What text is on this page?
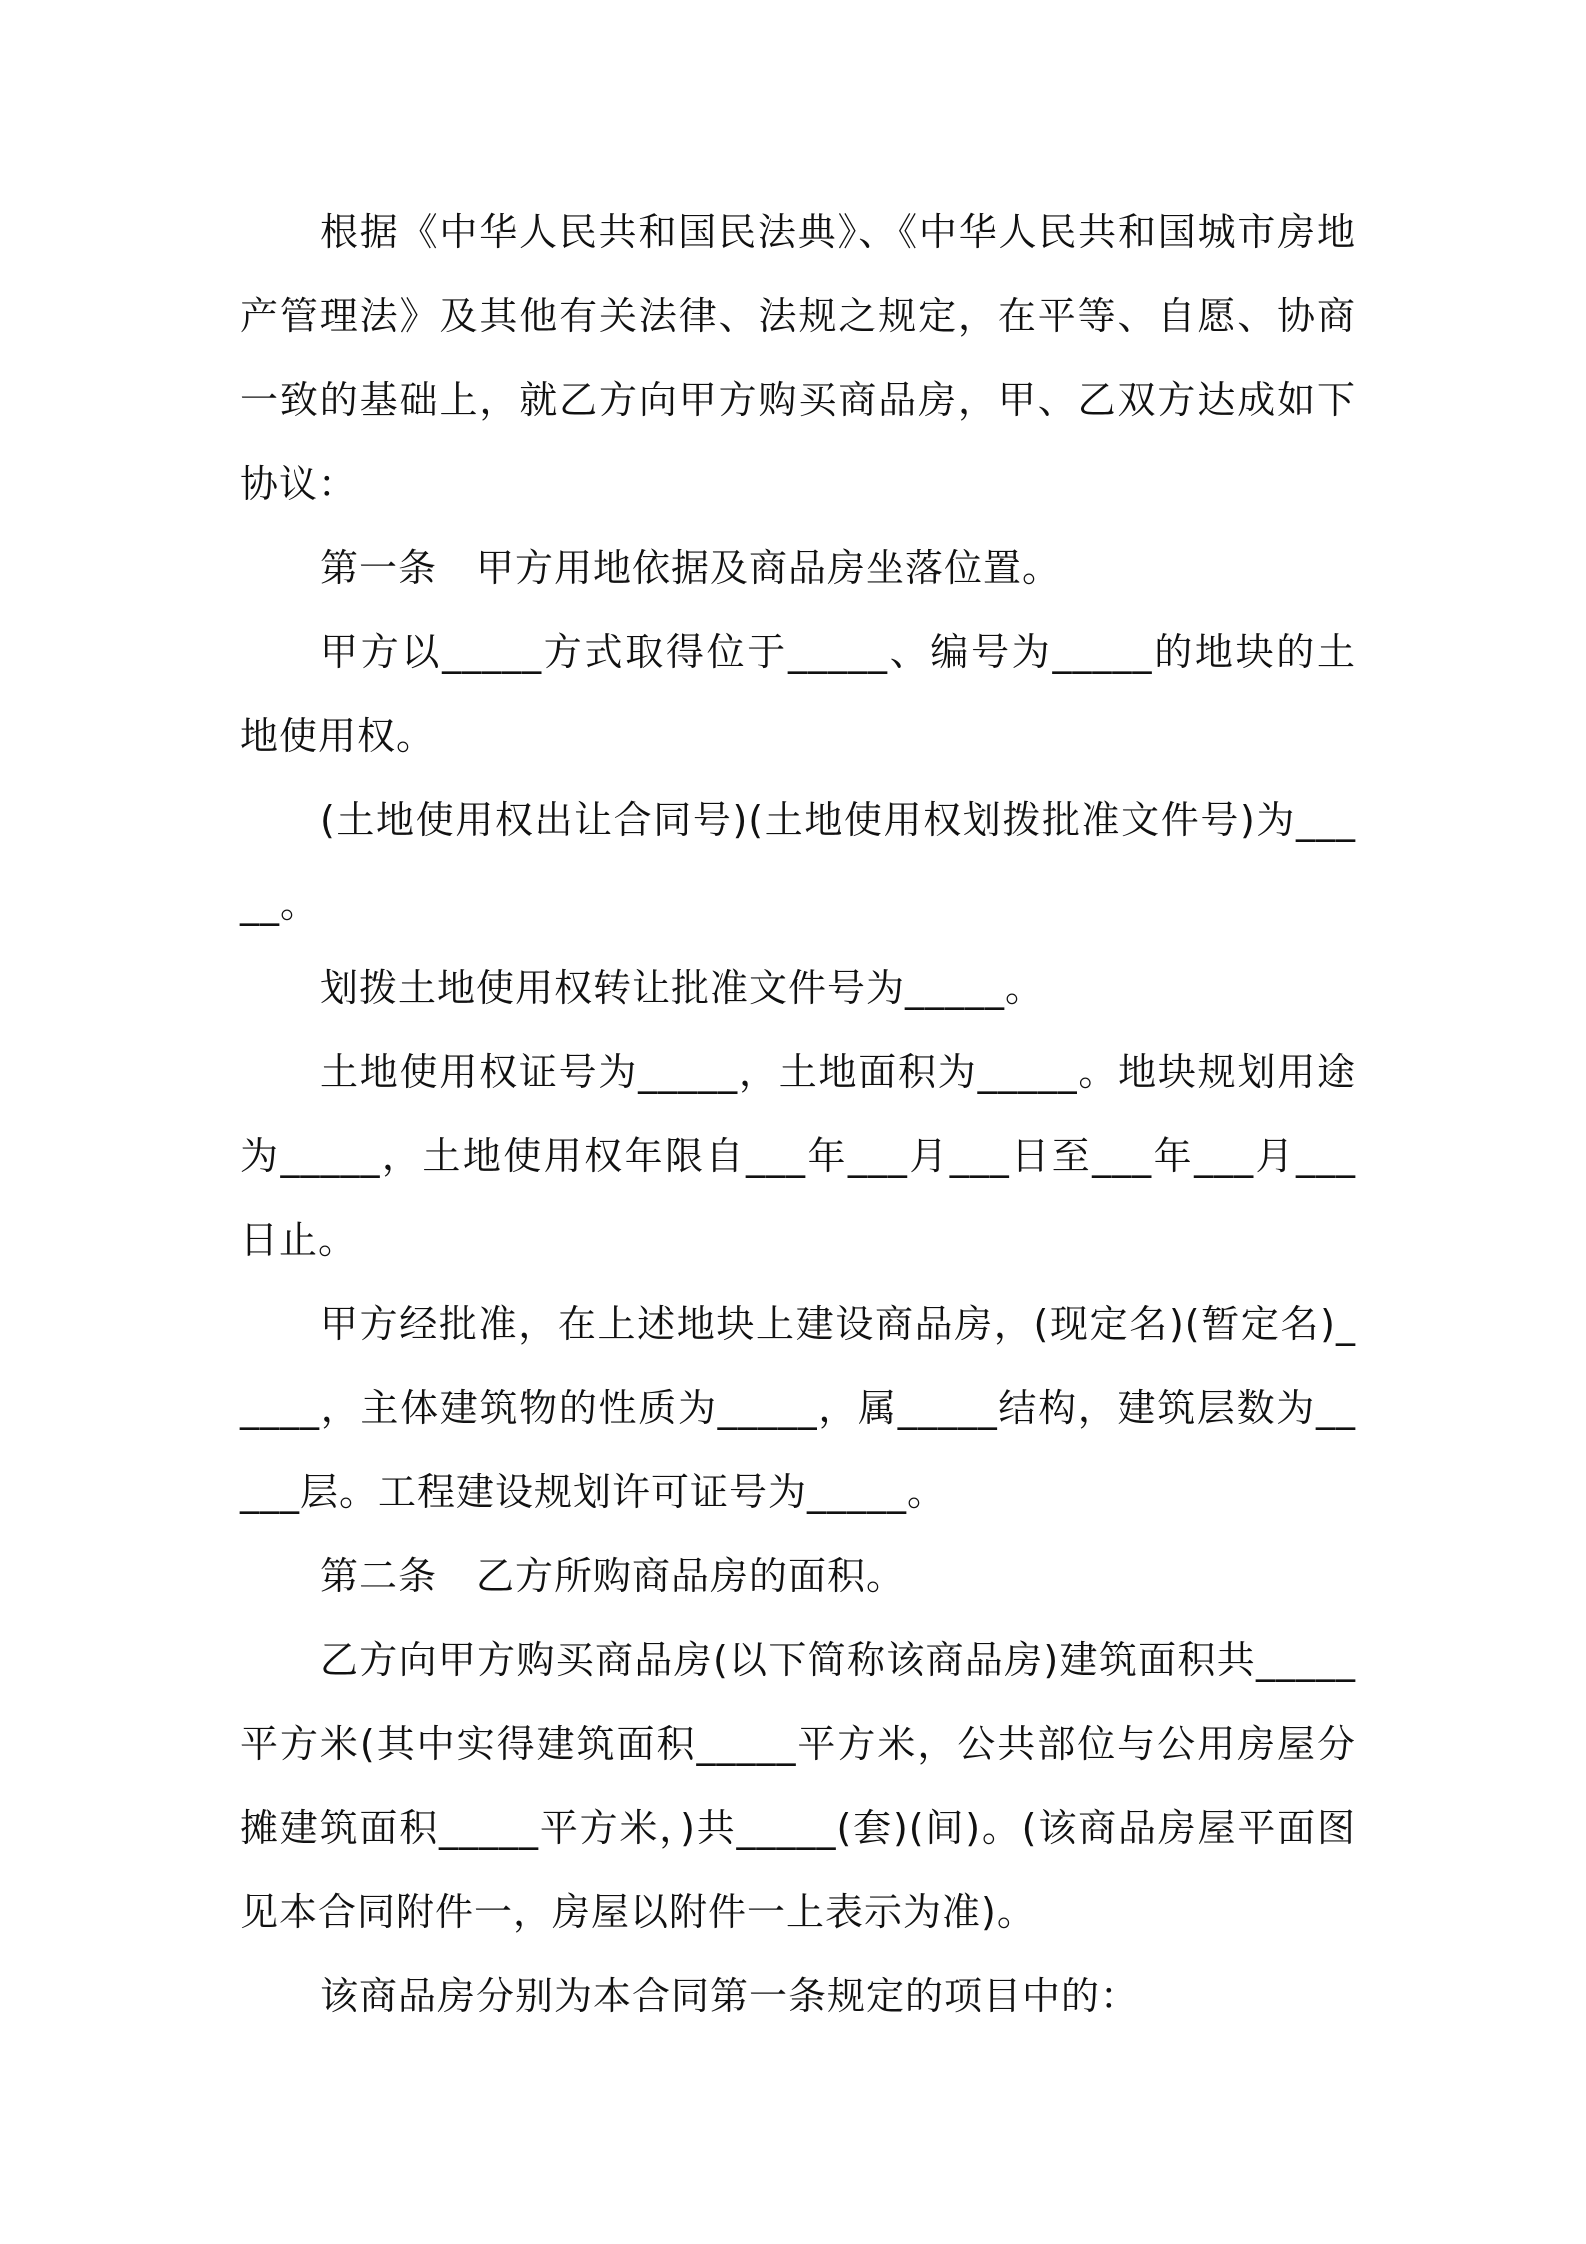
根据《中华人民共和国民法典》、《中华人民共和国城市房地产管理法》及其他有关法律、法规之规定，在平等、自愿、协商一致的基础上，就乙方向甲方购买商品房，甲、乙双方达成如下协议：

第一条　甲方用地依据及商品房坐落位置。

甲方以_____方式取得位于_____、编号为_____的地块的土地使用权。

(土地使用权出让合同号)(土地使用权划拨批准文件号)为_____。

划拨土地使用权转让批准文件号为_____。

土地使用权证号为_____，土地面积为_____。地块规划用途为_____，土地使用权年限自___年___月___日至___年___月___日止。

甲方经批准，在上述地块上建设商品房，(现定名)(暂定名)_____，主体建筑物的性质为_____，属_____结构，建筑层数为_____层。工程建设规划许可证号为_____。

第二条　乙方所购商品房的面积。

乙方向甲方购买商品房(以下简称该商品房)建筑面积共_____平方米(其中实得建筑面积_____平方米，公共部位与公用房屋分摊建筑面积_____平方米，)共_____(套)(间)。(该商品房屋平面图见本合同附件一，房屋以附件一上表示为准)。

该商品房分别为本合同第一条规定的项目中的：
